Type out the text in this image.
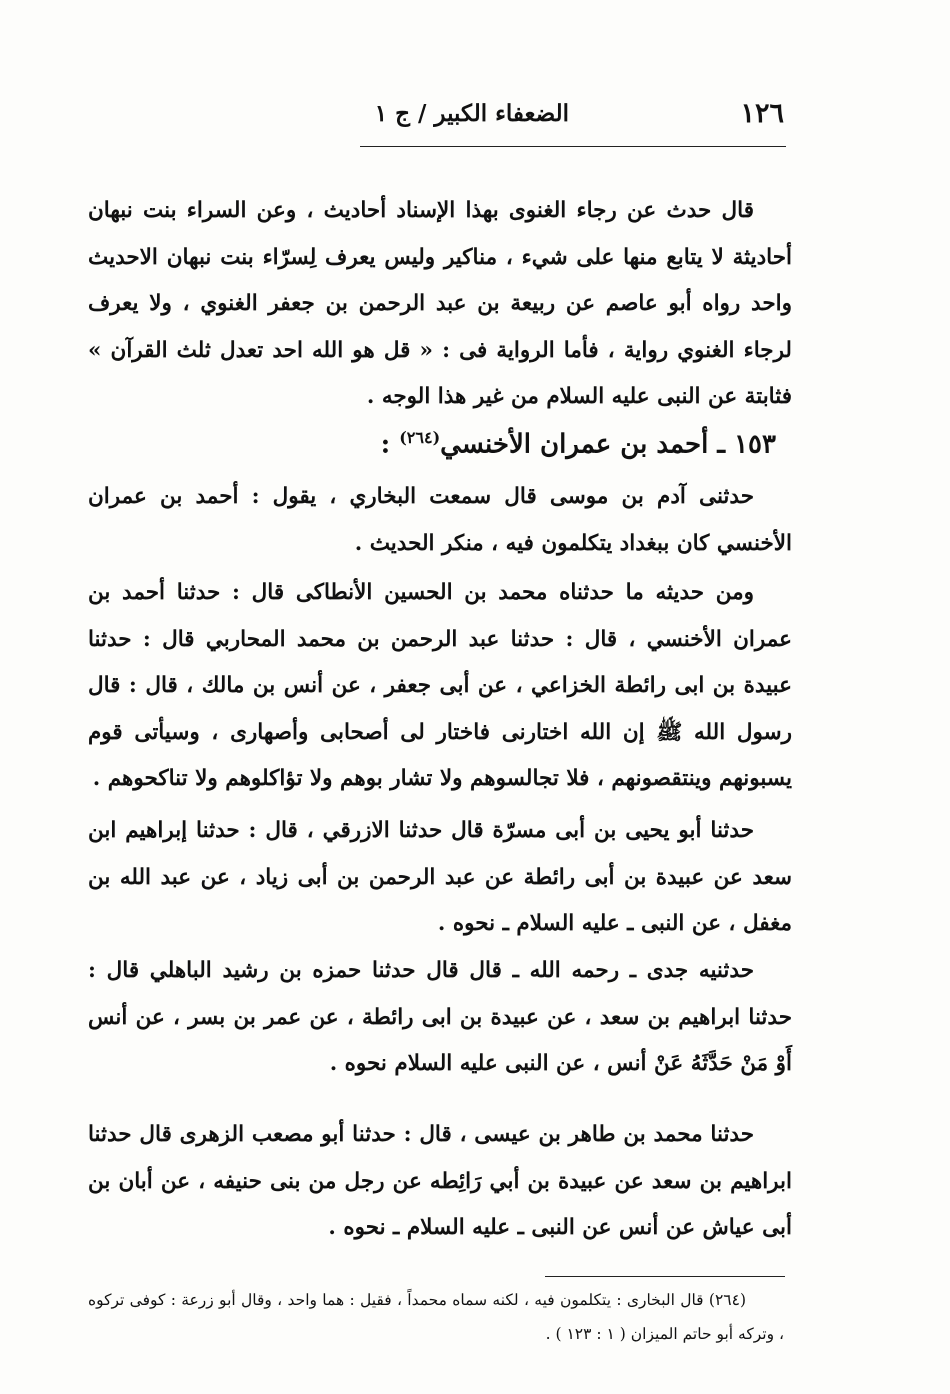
١٢٦
الضعفاء الكبير / ج ١

قال حدث عن رجاء الغنوى بهذا الإسناد أحاديث ، وعن السراء بنت نبهان أحاديثة لا يتابع منها على شيء ، مناكير وليس يعرف لِسرّاء بنت نبهان الاحديث واحد رواه أبو عاصم عن ربيعة بن عبد الرحمن بن جعفر الغنوي ، ولا يعرف لرجاء الغنوي رواية ، فأما الرواية فى : « قل هو الله احد تعدل ثلث القرآن » فثابتة عن النبى عليه السلام من غير هذا الوجه .

١٥٣ ـ أحمد بن عمران الأخنسي$^{(٢٦٤)}$ :

حدثنى آدم بن موسى قال سمعت البخاري ، يقول : أحمد بن عمران الأخنسي كان ببغداد يتكلمون فيه ، منكر الحديث .

ومن حديثه ما حدثناه محمد بن الحسين الأنطاكى قال : حدثنا أحمد بن عمران الأخنسي ، قال : حدثنا عبد الرحمن بن محمد المحاربي قال : حدثنا عبيدة بن ابى رائطة الخزاعي ، عن أبى جعفر ، عن أنس بن مالك ، قال : قال رسول الله ﷺ إن الله اختارنى فاختار لى أصحابى وأصهارى ، وسيأتى قوم يسبونهم وينتقصونهم ، فلا تجالسوهم ولا تشار بوهم ولا تؤاكلوهم ولا تناكحوهم .

حدثنا أبو يحيى بن أبى مسرّة قال حدثنا الازرقي ، قال : حدثنا إبراهيم ابن سعد عن عبيدة بن أبى رائطة عن عبد الرحمن بن أبى زياد ، عن عبد الله بن مغفل ، عن النبى ـ عليه السلام ـ نحوه .

حدثنيه جدى ـ رحمه الله ـ قال قال حدثنا حمزه بن رشيد الباهلي قال : حدثنا ابراهيم بن سعد ، عن عبيدة بن ابى رائطة ، عن عمر بن بسر ، عن أنس أَوْ مَنْ حَدَّثَهُ عَنْ أنس ، عن النبى عليه السلام نحوه .

حدثنا محمد بن طاهر بن عيسى ، قال : حدثنا أبو مصعب الزهرى قال حدثنا ابراهيم بن سعد عن عبيدة بن أبي رَائِطه عن رجل من بنى حنيفه ، عن أبان بن أبى عياش عن أنس عن النبى ـ عليه السلام ـ نحوه .

(٢٦٤) قال البخارى : يتكلمون فيه ، لكنه سماه محمداً ، فقيل : هما واحد ، وقال أبو زرعة : كوفى تركوه ، وتركه أبو حاتم الميزان ( ١ : ١٢٣ ) .
